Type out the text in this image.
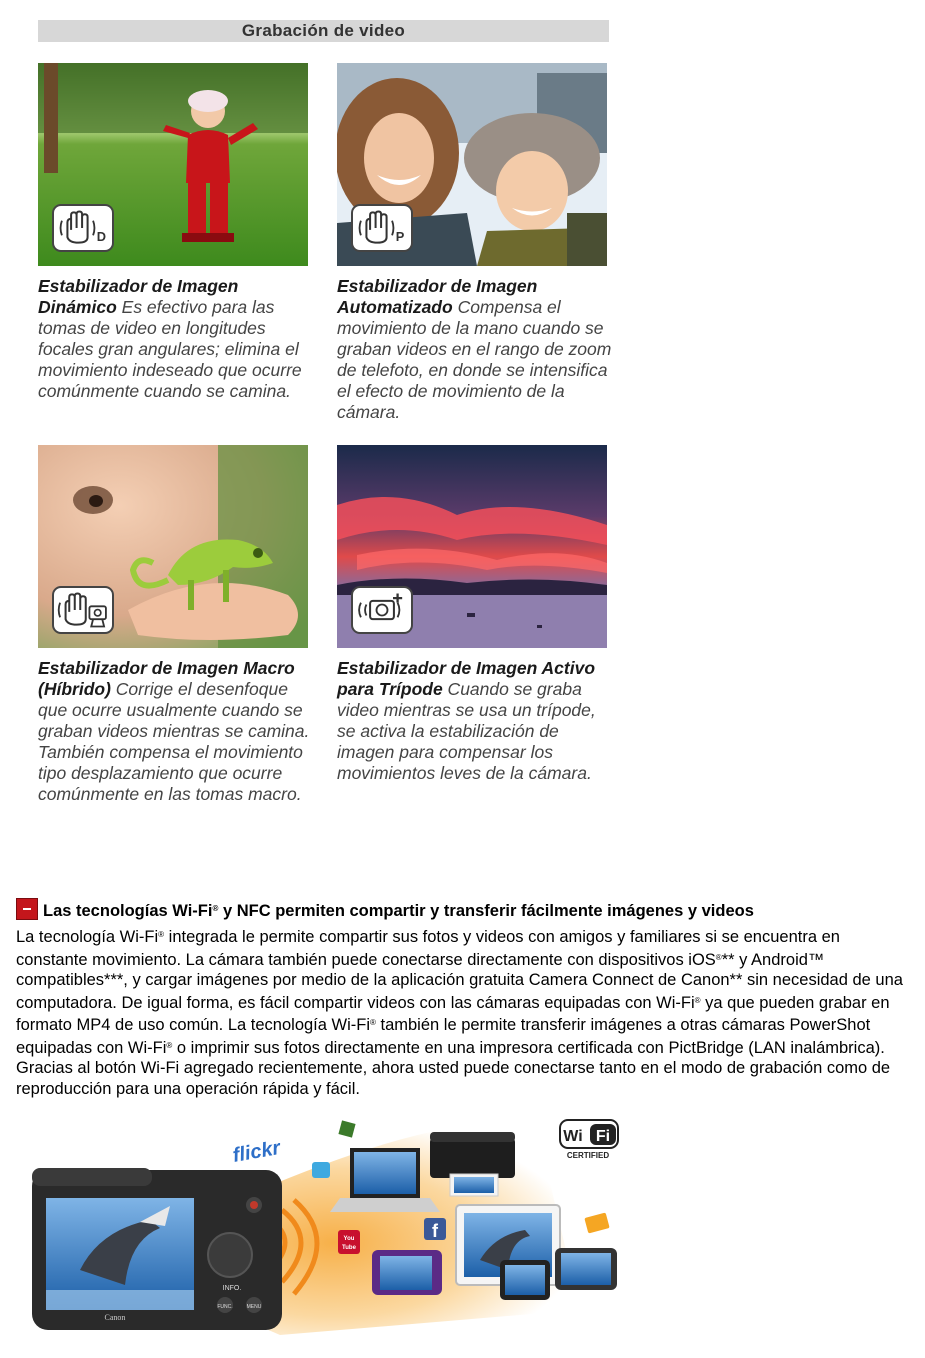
Grabación de video
D	P
Estabilizador de Imagen Dinámico Es efectivo para las tomas de video en longitudes focales gran angulares; elimina el movimiento indeseado que ocurre comúnmente cuando se camina.
Estabilizador de Imagen Automatizado Compensa el movimiento de la mano cuando se graban videos en el rango de zoom de telefoto, en donde se intensifica el efecto de movimiento de la cámara.
Estabilizador de Imagen Macro (Híbrido) Corrige el desenfoque que ocurre usualmente cuando se graban videos mientras se camina. También compensa el movimiento tipo desplazamiento que ocurre comúnmente en las tomas macro.
Estabilizador de Imagen Activo para Trípode Cuando se graba video mientras se usa un trípode, se activa la estabilización de imagen para compensar los movimientos leves de la cámara.
Las tecnologías Wi-Fi® y NFC permiten compartir y transferir fácilmente imágenes y videos
La tecnología Wi-Fi® integrada le permite compartir sus fotos y videos con amigos y familiares si se encuentra en constante movimiento. La cámara también puede conectarse directamente con dispositivos iOS®** y Android™ compatibles***, y cargar imágenes por medio de la aplicación gratuita Camera Connect de Canon** sin necesidad de una computadora. De igual forma, es fácil compartir videos con las cámaras equipadas con Wi-Fi® ya que pueden grabar en formato MP4 de uso común. La tecnología Wi-Fi® también le permite transferir imágenes a otras cámaras PowerShot equipadas con Wi-Fi® o imprimir sus fotos directamente en una impresora certificada con PictBridge (LAN inalámbrica). Gracias al botón Wi-Fi agregado recientemente, ahora usted puede conectarse tanto en el modo de grabación como de reproducción para una operación rápida y fácil.
INFO.
FUNC.	MENU
Canon
flickr
Wi Fi
CERTIFIED
You
Tube
f
